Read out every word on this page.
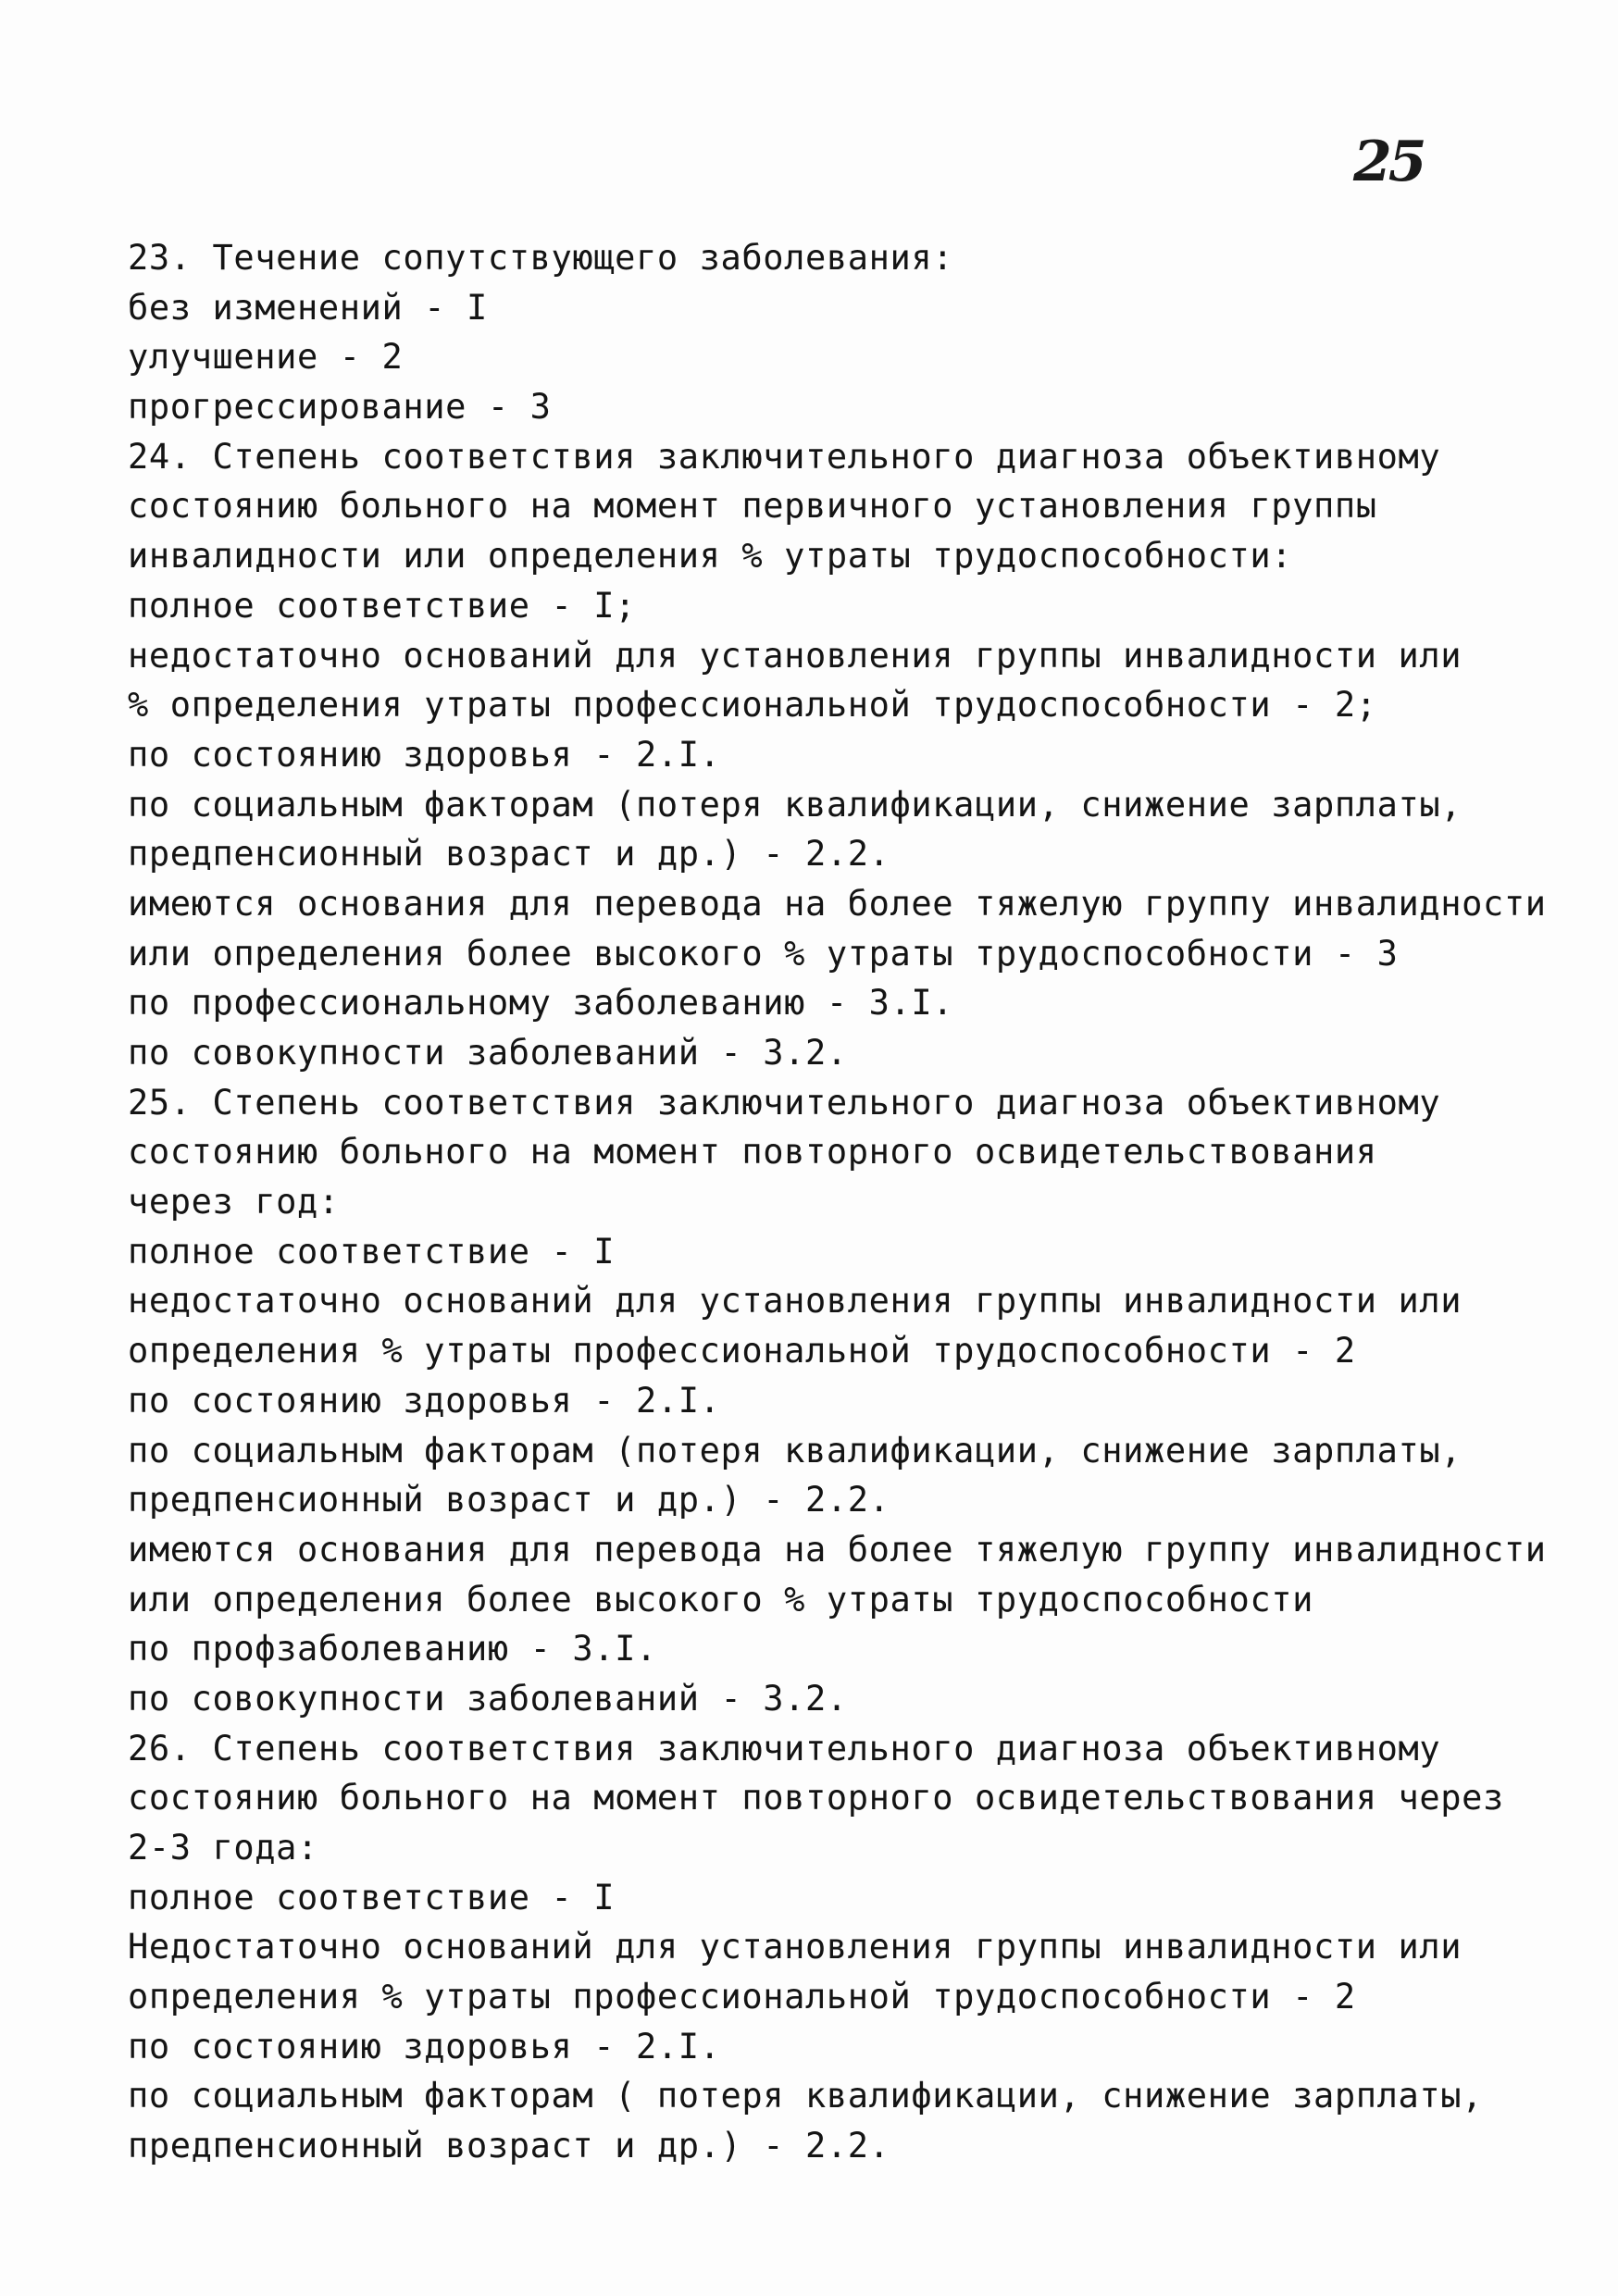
25
23. Течение сопутствующего заболевания:
без изменений - I
улучшение - 2
прогрессирование - 3
24. Степень соответствия заключительного диагноза объективному
состоянию больного на момент первичного установления группы
инвалидности или определения % утраты трудоспособности:
полное соответствие - I;
недостаточно оснований для установления группы инвалидности или
% определения утраты профессиональной трудоспособности - 2;
по состоянию здоровья - 2.I.
по социальным факторам (потеря квалификации, снижение зарплаты,
предпенсионный возраст и др.) - 2.2.
имеются основания для перевода на более тяжелую группу инвалидности
или определения более высокого % утраты трудоспособности - 3
по профессиональному заболеванию - 3.I.
по совокупности заболеваний - 3.2.
25. Степень соответствия заключительного диагноза объективному
состоянию больного на момент повторного освидетельствования
через год:
полное соответствие - I
недостаточно оснований для установления группы инвалидности или
определения % утраты профессиональной трудоспособности - 2
по состоянию здоровья - 2.I.
по социальным факторам (потеря квалификации, снижение зарплаты,
предпенсионный возраст и др.) - 2.2.
имеются основания для перевода на более тяжелую группу инвалидности
или определения более высокого % утраты трудоспособности
по профзаболеванию - 3.I.
по совокупности заболеваний - 3.2.
26. Степень соответствия заключительного диагноза объективному
состоянию больного на момент повторного освидетельствования через
2-3 года:
полное соответствие - I
Недостаточно оснований для установления группы инвалидности или
определения % утраты профессиональной трудоспособности - 2
по состоянию здоровья - 2.I.
по социальным факторам ( потеря квалификации, снижение зарплаты,
предпенсионный возраст и др.) - 2.2.
